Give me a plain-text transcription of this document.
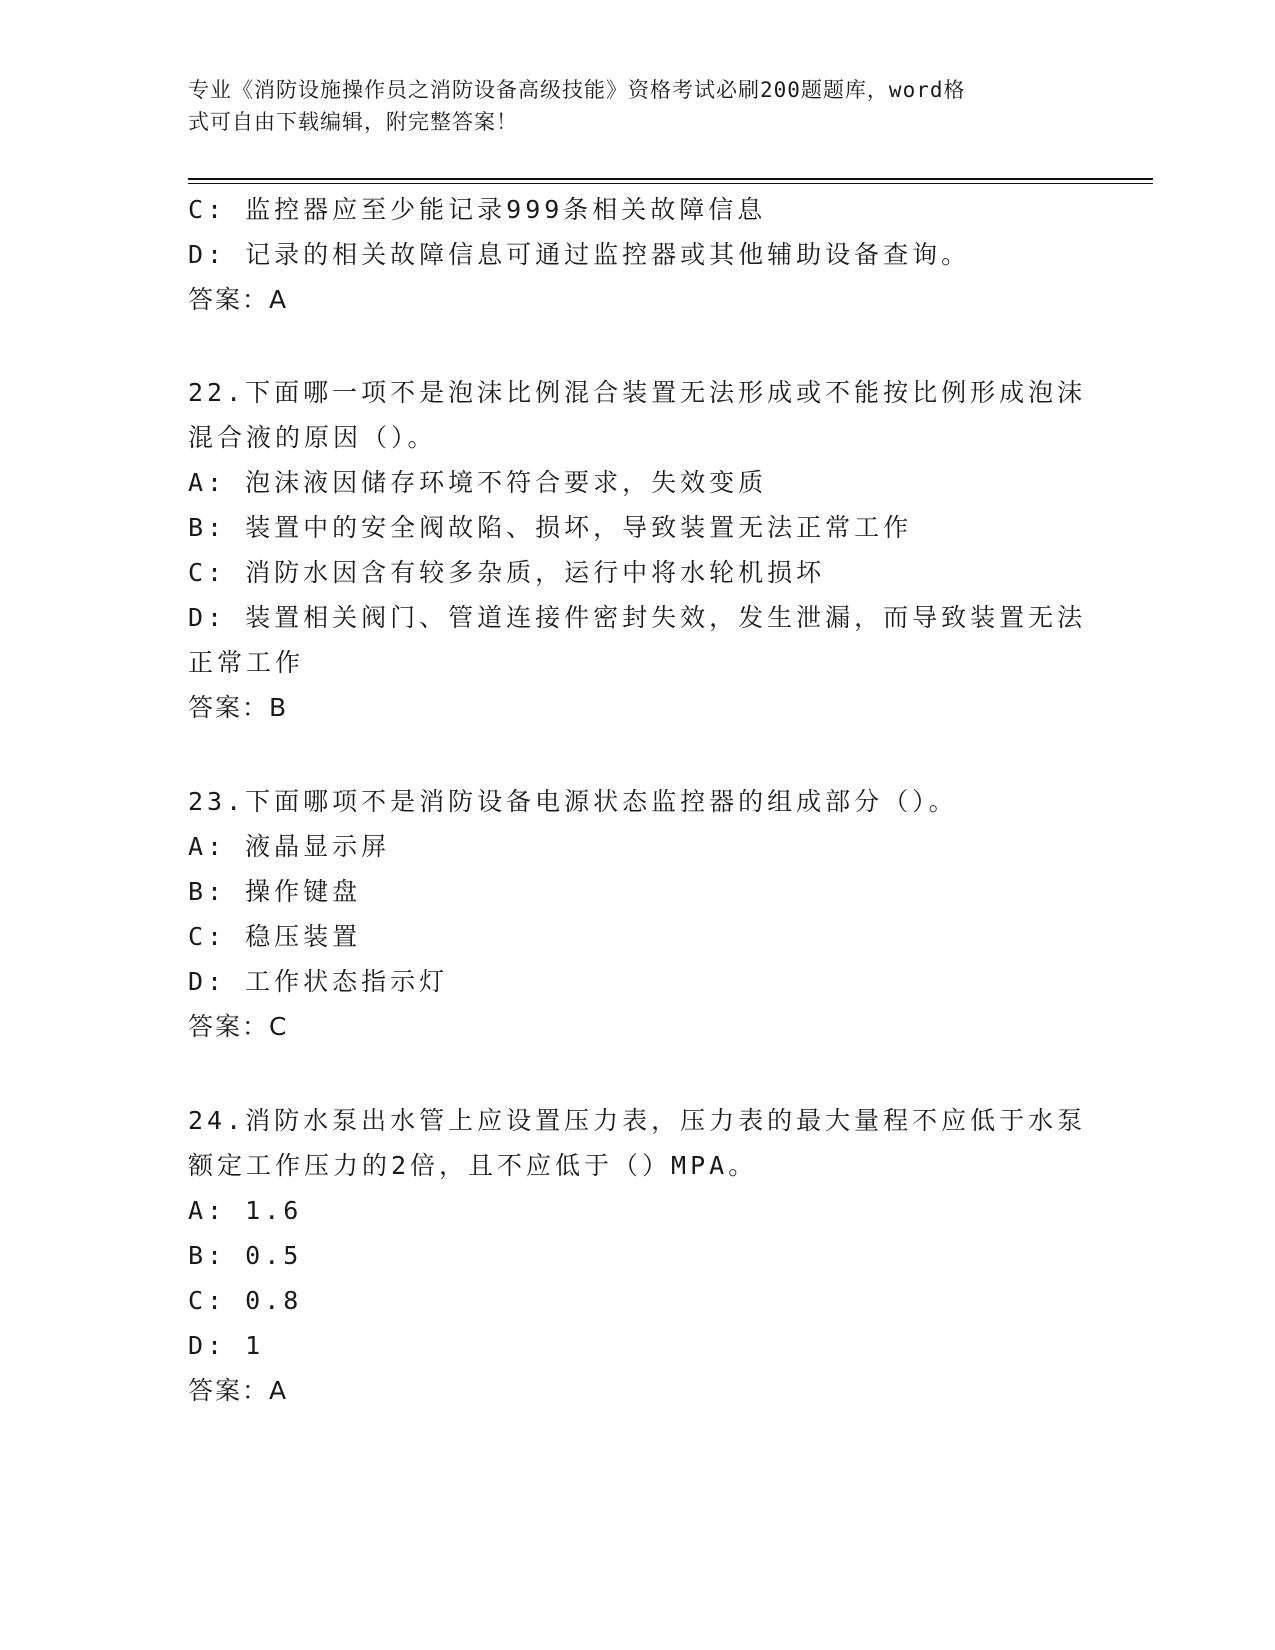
专业《消防设施操作员之消防设备高级技能》资格考试必刷200题题库，word格
式可自由下载编辑，附完整答案！
C: 监控器应至少能记录999条相关故障信息
D: 记录的相关故障信息可通过监控器或其他辅助设备查询。
答案：A
22.下面哪一项不是泡沫比例混合装置无法形成或不能按比例形成泡沫
混合液的原因（）。
A: 泡沫液因储存环境不符合要求，失效变质
B: 装置中的安全阀故陷、损坏，导致装置无法正常工作
C: 消防水因含有较多杂质，运行中将水轮机损坏
D: 装置相关阀门、管道连接件密封失效，发生泄漏，而导致装置无法
正常工作
答案：B
23.下面哪项不是消防设备电源状态监控器的组成部分（）。
A: 液晶显示屏
B: 操作键盘
C: 稳压装置
D: 工作状态指示灯
答案：C
24.消防水泵出水管上应设置压力表，压力表的最大量程不应低于水泵
额定工作压力的2倍，且不应低于（）MPA。
A: 1.6
B: 0.5
C: 0.8
D: 1
答案：A
